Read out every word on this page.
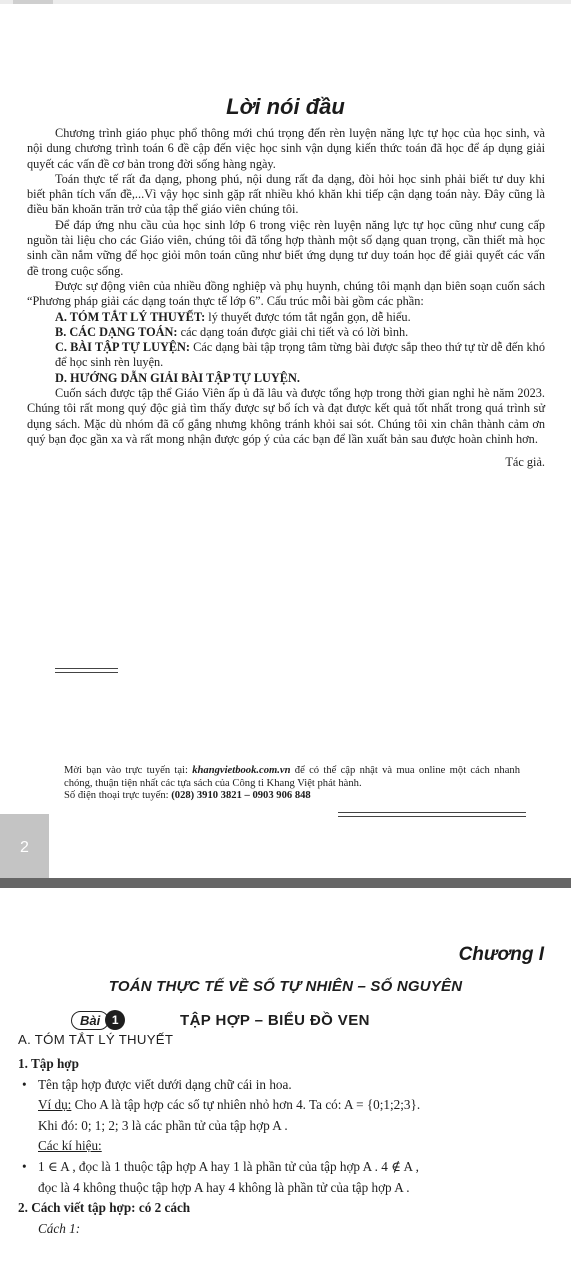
Lời nói đầu

Chương trình giáo phục phổ thông mới chú trọng đến rèn luyện năng lực tự học của học sinh, và nội dung chương trình toán 6 đề cập đến việc học sinh vận dụng kiến thức toán đã học để áp dụng giải quyết các vấn đề cơ bản trong đời sống hàng ngày.

Toán thực tế rất đa dạng, phong phú, nội dung rất đa dạng, đòi hỏi học sinh phải biết tư duy khi biết phân tích vấn đề,...Vì vậy học sinh gặp rất nhiều khó khăn khi tiếp cận dạng toán này. Đây cũng là điều băn khoăn trăn trở của tập thể giáo viên chúng tôi.

Để đáp ứng nhu cầu của học sinh lớp 6 trong việc rèn luyện năng lực tự học cũng như cung cấp nguồn tài liệu cho các Giáo viên, chúng tôi đã tổng hợp thành một số dạng quan trọng, cần thiết mà học sinh cần nắm vững để học giỏi môn toán cũng như biết ứng dụng tư duy toán học để giải quyết các vấn đề trong cuộc sống.

Được sự động viên của nhiều đồng nghiệp và phụ huynh, chúng tôi mạnh dạn biên soạn cuốn sách “Phương pháp giải các dạng toán thực tế lớp 6”. Cấu trúc mỗi bài gồm các phần:

A. TÓM TẮT LÝ THUYẾT: lý thuyết được tóm tắt ngắn gọn, dễ hiểu.

B. CÁC DẠNG TOÁN: các dạng toán được giải chi tiết và có lời bình.

C. BÀI TẬP TỰ LUYỆN: Các dạng bài tập trọng tâm từng bài được sắp theo thứ tự từ dễ đến khó để học sinh rèn luyện.

D. HƯỚNG DẪN GIẢI BÀI TẬP TỰ LUYỆN.

Cuốn sách được tập thể Giáo Viên ấp ủ đã lâu và được tổng hợp trong thời gian nghỉ hè năm 2023. Chúng tôi rất mong quý độc giả tìm thấy được sự bổ ích và đạt được kết quả tốt nhất trong quá trình sử dụng sách. Mặc dù nhóm đã cố gắng nhưng không tránh khỏi sai sót. Chúng tôi xin chân thành cảm ơn quý bạn đọc gần xa và rất mong nhận được góp ý của các bạn để lần xuất bản sau được hoàn chỉnh hơn.

Tác giả.

Mời bạn vào trực tuyến tại: khangvietbook.com.vn để có thể cập nhật và mua online một cách nhanh chóng, thuận tiện nhất các tựa sách của Công ti Khang Việt phát hành.
Số điện thoại trực tuyến: (028) 3910 3821 – 0903 906 848
2
Chương I
TOÁN THỰC TẾ VỀ SỐ TỰ NHIÊN – SỐ NGUYÊN
Bài 1	TẬP HỢP – BIỂU ĐỒ VEN
A. TÓM TẮT LÝ THUYẾT

1. Tập hợp

• Tên tập hợp được viết dưới dạng chữ cái in hoa.

Ví dụ: Cho A là tập hợp các số tự nhiên nhỏ hơn 4. Ta có: A = {0;1;2;3}.

Khi đó: 0; 1; 2; 3 là các phần tử của tập hợp A .

Các kí hiệu:

• 1 ∈ A , đọc là 1 thuộc tập hợp A hay 1 là phần tử của tập hợp A . 4 ∉ A ,

đọc là 4 không thuộc tập hợp A hay 4 không là phần tử của tập hợp A .

2. Cách viết tập hợp: có 2 cách

Cách 1:
